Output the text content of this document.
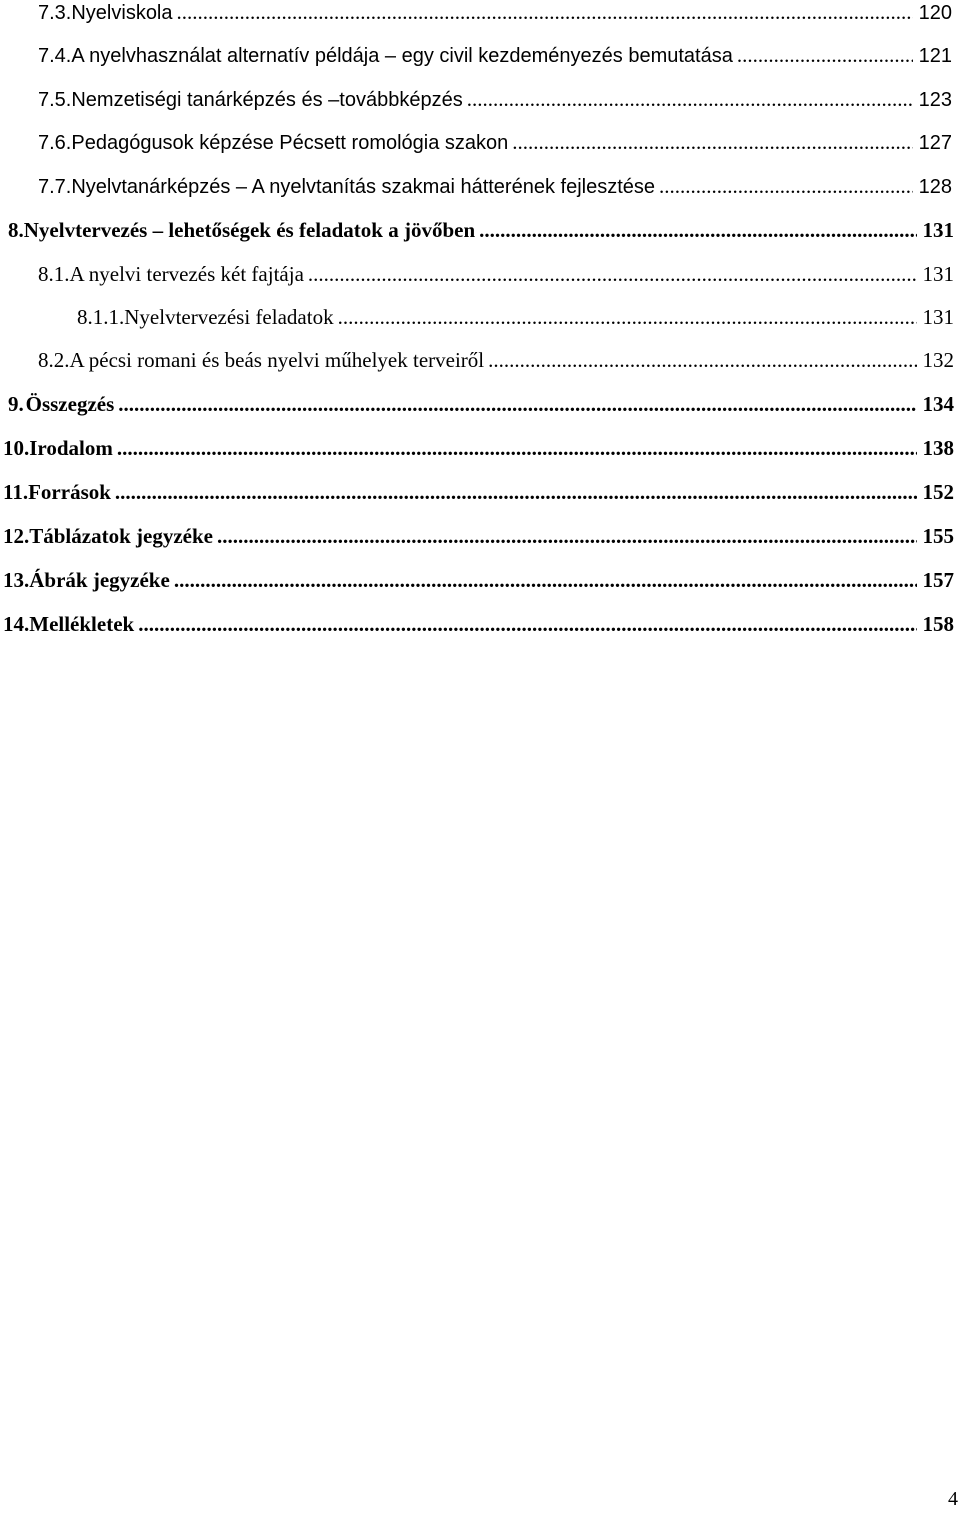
7.3. Nyelviskola .....	120
7.4. A nyelvhasználat alternatív példája – egy civil kezdeményezés bemutatása .....	121
7.5. Nemzetiségi tanárképzés és –továbbképzés .....	123
7.6. Pedagógusok képzése Pécsett romológia szakon .....	127
7.7. Nyelvtanárképzés – A nyelvtanítás szakmai hátterének fejlesztése .....	128
8. Nyelvtervezés – lehetőségek és feladatok a jövőben .....	131
8.1. A nyelvi tervezés két fajtája .....	131
8.1.1. Nyelvtervezési feladatok .....	131
8.2. A pécsi romani és beás nyelvi műhelyek terveiről .....	132
9. Összegzés .....	134
10. Irodalom .....	138
11. Források .....	152
12. Táblázatok jegyzéke .....	155
13. Ábrák jegyzéke .....	157
14. Mellékletek .....	158
4
